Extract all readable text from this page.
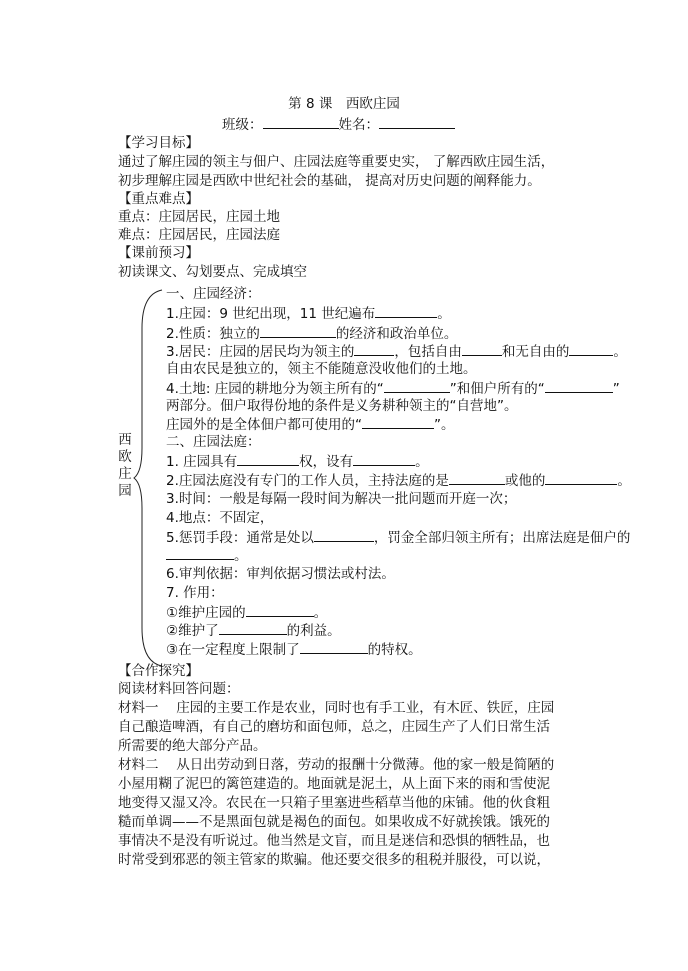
第 8 课　西欧庄园
班级：	姓名：
【学习目标】
通过了解庄园的领主与佃户、庄园法庭等重要史实， 了解西欧庄园生活，
初步理解庄园是西欧中世纪社会的基础， 提高对历史问题的阐释能力。
【重点难点】
重点：庄园居民，庄园土地
难点：庄园居民，庄园法庭
【课前预习】
初读课文、勾划要点、完成填空
西欧庄园
一、庄园经济：
1.庄园：9 世纪出现，11 世纪遍布	。
2.性质：独立的	的经济和政治单位。
3.居民：庄园的居民均为领主的	，包括自由	和无自由的	。
自由农民是独立的，领主不能随意没收他们的土地。
4.土地: 庄园的耕地分为领主所有的“	”和佃户所有的“	”
两部分。佃户取得份地的条件是义务耕种领主的“自营地”。
庄园外的是全体佃户都可使用的“	”。
二、庄园法庭：
1. 庄园具有	权，设有	。
2.庄园法庭没有专门的工作人员，主持法庭的是	或他的	。
3.时间：一般是每隔一段时间为解决一批问题而开庭一次；
4.地点：不固定，
5.惩罚手段：通常是处以	，罚金全部归领主所有；出席法庭是佃户的
。
6.审判依据：审判依据习惯法或村法。
7. 作用：
①维护庄园的	。
②维护了	的利益。
③在一定程度上限制了	的特权。
【合作探究】
阅读材料回答问题：
材料一　 庄园的主要工作是农业，同时也有手工业，有木匠、铁匠，庄园
自己酿造啤酒，有自己的磨坊和面包师，总之，庄园生产了人们日常生活
所需要的绝大部分产品。
材料二　 从日出劳动到日落，劳动的报酬十分微薄。他的家一般是简陋的
小屋用糊了泥巴的篱笆建造的。地面就是泥土，从上面下来的雨和雪使泥
地变得又湿又冷。农民在一只箱子里塞进些稻草当他的床铺。他的伙食粗
糙而单调——不是黑面包就是褐色的面包。如果收成不好就挨饿。饿死的
事情决不是没有听说过。他当然是文盲，而且是迷信和恐惧的牺牲品，也
时常受到邪恶的领主管家的欺骗。他还要交很多的租税并服役，可以说，
